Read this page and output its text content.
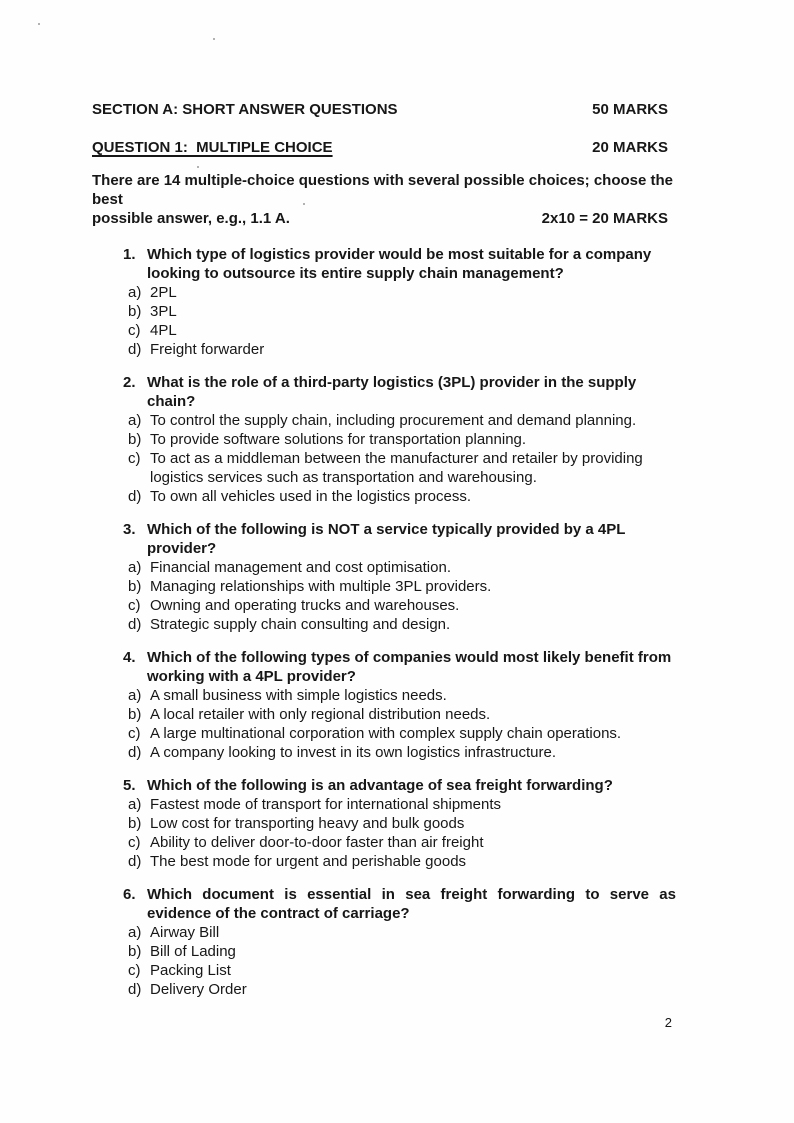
SECTION A: SHORT ANSWER QUESTIONS	50 MARKS
QUESTION 1:  MULTIPLE CHOICE	20 MARKS
There are 14 multiple-choice questions with several possible choices; choose the best
possible answer, e.g., 1.1 A.	2x10 = 20 MARKS
1. Which type of logistics provider would be most suitable for a company looking to outsource its entire supply chain management?
a) 2PL
b) 3PL
c) 4PL
d) Freight forwarder
2. What is the role of a third-party logistics (3PL) provider in the supply chain?
a) To control the supply chain, including procurement and demand planning.
b) To provide software solutions for transportation planning.
c) To act as a middleman between the manufacturer and retailer by providing logistics services such as transportation and warehousing.
d) To own all vehicles used in the logistics process.
3. Which of the following is NOT a service typically provided by a 4PL provider?
a) Financial management and cost optimisation.
b) Managing relationships with multiple 3PL providers.
c) Owning and operating trucks and warehouses.
d) Strategic supply chain consulting and design.
4. Which of the following types of companies would most likely benefit from working with a 4PL provider?
a) A small business with simple logistics needs.
b) A local retailer with only regional distribution needs.
c) A large multinational corporation with complex supply chain operations.
d) A company looking to invest in its own logistics infrastructure.
5. Which of the following is an advantage of sea freight forwarding?
a) Fastest mode of transport for international shipments
b) Low cost for transporting heavy and bulk goods
c) Ability to deliver door-to-door faster than air freight
d) The best mode for urgent and perishable goods
6. Which document is essential in sea freight forwarding to serve as evidence of the contract of carriage?
a) Airway Bill
b) Bill of Lading
c) Packing List
d) Delivery Order
2
